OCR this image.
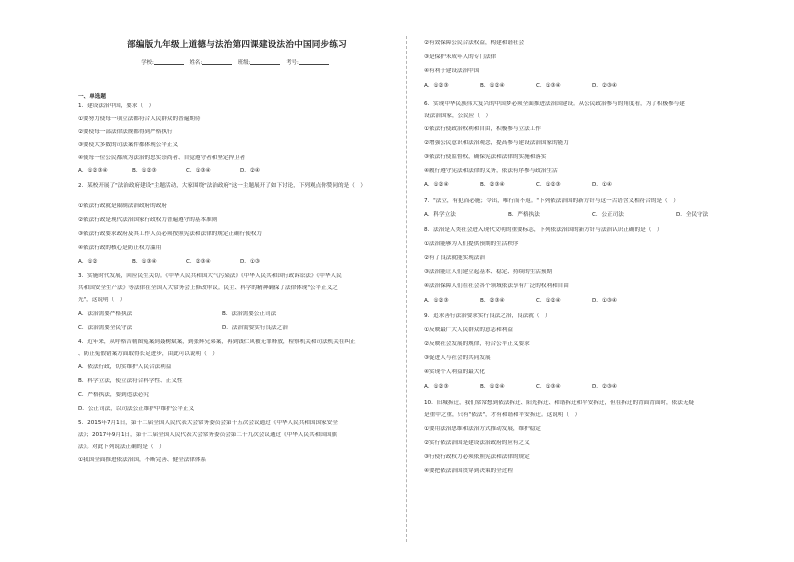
部编版九年级上道德与法治第四课建设法治中国同步练习
学校:	姓名:	班级:	考号:
一、单选题
1．建设法治中国，要求（　）
①要努力使每一项立法都符合人民群众的普遍期待
②要使每一部法律法规都得到严格执行
③要使大多数的司法案件都体现公平正义
④使每一位公民都成为法治的忠实崇尚者、自觉遵守者和坚定捍卫者
A．①②③④	B．①②③	C．①③④	D．②④
2．某校开展了"法治政府建设"主题活动，大家围绕"法治政府"这一主题展开了如下讨论，下列观点你赞同的是（　）
①依法行政就是限制法治政府的政府
②依法行政是现代法治国家行政权力普遍遵守的基本准则
③依法行政要求政府及其工作人员必须按照宪法和法律的规定正确行使权力
④依法行政的核心是防止权力滥用
A．①②	B．①③④	C．②③④	D．①③
3．实施时代发展，回应民生关切。《中华人民共和国大气污染法》《中华人民共和国行政诉讼法》《中华人民
共和国安全生产法》等法律在全国人大常务会上修改审议。民主、科学的精神确保了法律体现"公平正义之
光"，这说明（　）
A．法治需要严格执法	B．法治需要公正司法
C．法治需要全民守法	D．法治需要实行良法之治
4．近年来，从呼格吉勒图冤案到聂树斌案，到张辉兄弟案，再到钱仁风被无罪释放，检察机关和司法机关在纠正
、防止冤假错案方面取得长足进步，由此可以说明（　）
A．依法行政，切实维护人民合法利益
B．科学立法，使立法符合科学性、正义性
C．严格执法，要到违法必究
D．公正司法，以司法公正维护中维护公平正义
5．2015年7月1日，第十二届全国人民代表大会常务委员会第十五次会议通过《中华人民共和国国家安全
法》；2017年9月1日，第十二届全国人民代表大会常务委员会第二十九次会议通过《中华人民共和国国旗
法》。对此下列说法正确的是（　）
①我国全面推进依法治国，不断完善、健全法律体系
②有效保障公民合法权益，构建和谐社会
③是保护未成年人的专门法律
④有利于建设法治中国
A．①②③	B．①②④	C．①③④	D．②③④
6．实现中华民族伟大复兴的中国梦必须全面推进法治国建设。从公民政治参与的角度看，为了积极参与建
设法治国家，公民应（　）
①依法行使政治权利和自由，积极参与立法工作
②增强公民意识和法治观念，提高参与建设法治国家的能力
③依法行使监督权，确保宪法和法律的实施和落实
④履行遵守宪法和法律的义务，依法有序参与政治生活
A．①②④	B．②③④	C．①②③	D．①④
7．"法立，有犯而必施；令出，唯行而不返。"下列依法治国的新方针与这一古语含义相符合的是（　）
A．科学立法	B．严格执法	C．公正司法	D．全民守法
8．法治是人类社会进入现代文明的重要标志，下列依法治国的新方针与法治认识正确的是（　）
①法治能够为人们提供预期的生活秩序
②有了良法就能实现法治
③法治能让人们建立起基本、稳定、持续的生活预期
④法治保障人们在社会各个领域依法享有广泛的权利和自由
A．①②③	B．②③④	C．①②④	D．①③④
9．追求善行法治要求实行良法之治，良法就（　）
①反映最广大人民群众的意志和利益
②反映社会发展的规律，符合公平正义要求
③促进人与社会的共同发展
④实现个人利益的最大化
A．①②③	B．①②④	C．①③④	D．②③④
10．旧城拆迁，我们常常想到依法拆迁、阳光拆迁、和谐拆迁和平安拆迁，但在拆迁的背面背面时，依法无疑
是重中之重，只有"依法"，才有和谐和平安拆迁。这说明（　）
①要用法治思维和法治方式推动发展，维护稳定
②实行依法治国是建设法治政府的应有之义
③行使行政权力必须依照宪法和法律的规定
④要把依法治国贯穿到决策的全过程
